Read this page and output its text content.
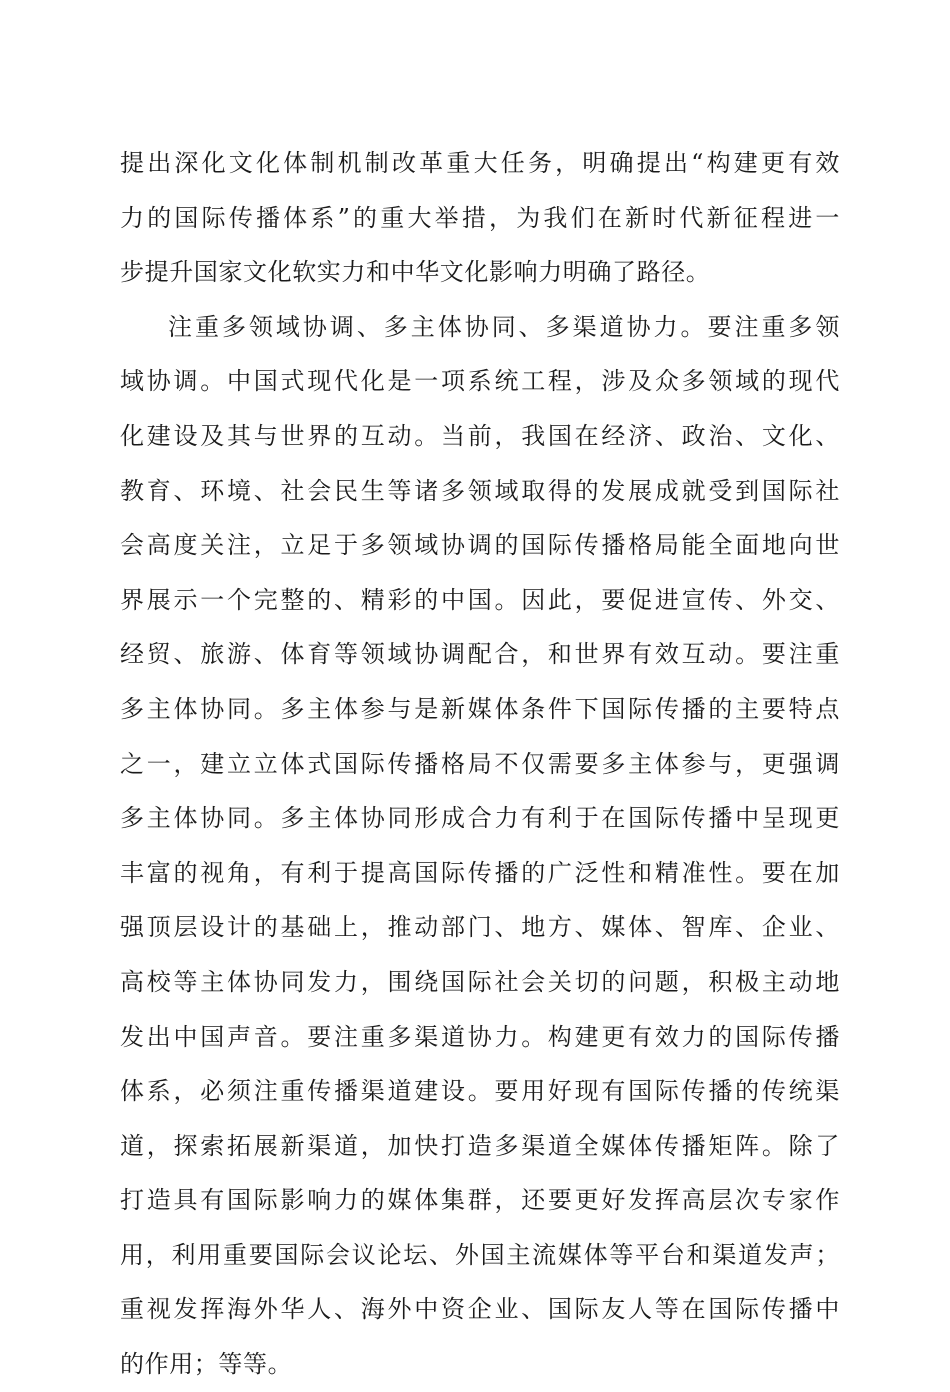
提出深化文化体制机制改革重大任务，明确提出“构建更有效
力的国际传播体系”的重大举措，为我们在新时代新征程进一
步提升国家文化软实力和中华文化影响力明确了路径。
注重多领域协调、多主体协同、多渠道协力。要注重多领
域协调。中国式现代化是一项系统工程，涉及众多领域的现代
化建设及其与世界的互动。当前，我国在经济、政治、文化、
教育、环境、社会民生等诸多领域取得的发展成就受到国际社
会高度关注，立足于多领域协调的国际传播格局能全面地向世
界展示一个完整的、精彩的中国。因此，要促进宣传、外交、
经贸、旅游、体育等领域协调配合，和世界有效互动。要注重
多主体协同。多主体参与是新媒体条件下国际传播的主要特点
之一，建立立体式国际传播格局不仅需要多主体参与，更强调
多主体协同。多主体协同形成合力有利于在国际传播中呈现更
丰富的视角，有利于提高国际传播的广泛性和精准性。要在加
强顶层设计的基础上，推动部门、地方、媒体、智库、企业、
高校等主体协同发力，围绕国际社会关切的问题，积极主动地
发出中国声音。要注重多渠道协力。构建更有效力的国际传播
体系，必须注重传播渠道建设。要用好现有国际传播的传统渠
道，探索拓展新渠道，加快打造多渠道全媒体传播矩阵。除了
打造具有国际影响力的媒体集群，还要更好发挥高层次专家作
用，利用重要国际会议论坛、外国主流媒体等平台和渠道发声；
重视发挥海外华人、海外中资企业、国际友人等在国际传播中
的作用；等等。
